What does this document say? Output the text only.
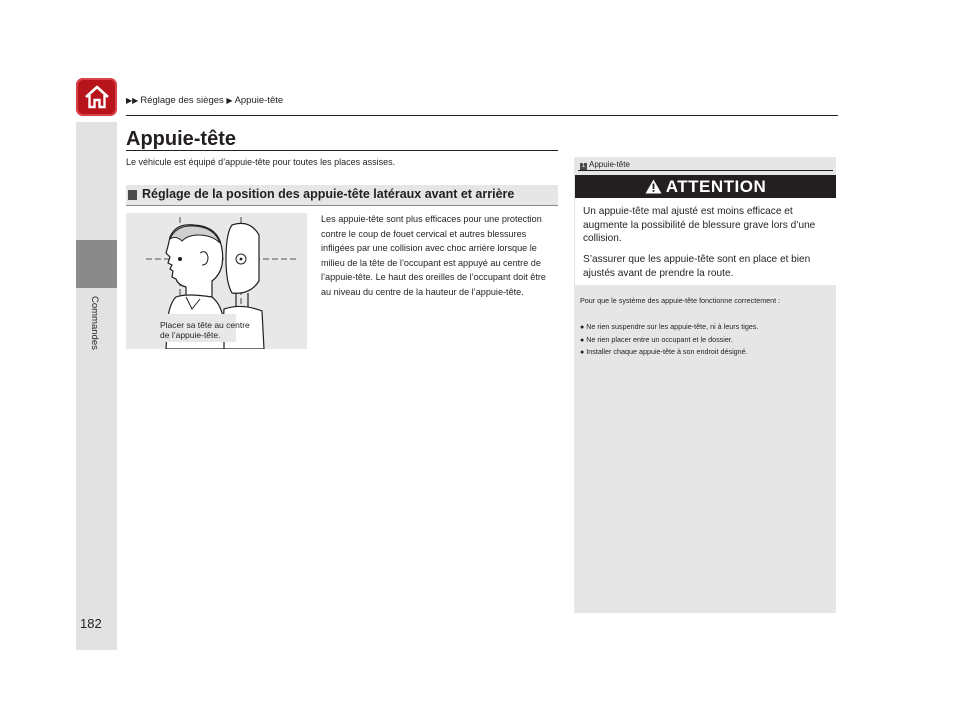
▶▶ Réglage des sièges ▶ Appuie-tête
Commandes
182
Appuie-tête
Le véhicule est équipé d’appuie-tête pour toutes les places assises.
Réglage de la position des appuie-tête latéraux avant et arrière
Placer sa tête au centre
de l’appuie-tête.
Les appuie-tête sont plus efficaces pour une protection contre le coup de fouet cervical et autres blessures infligées par une collision avec choc arrière lorsque le milieu de la tête de l’occupant est appuyé au centre de l’appuie-tête. Le haut des oreilles de l’occupant doit être au niveau du centre de la hauteur de l’appuie-tête.
1 Appuie-tête
ATTENTION
Un appuie-tête mal ajusté est moins efficace et augmente la possibilité de blessure grave lors d’une collision.
S’assurer que les appuie-tête sont en place et bien ajustés avant de prendre la route.
Pour que le système des appuie-tête fonctionne correctement :
● Ne rien suspendre sur les appuie-tête, ni à leurs tiges.
● Ne rien placer entre un occupant et le dossier.
● Installer chaque appuie-tête à son endroit désigné.
